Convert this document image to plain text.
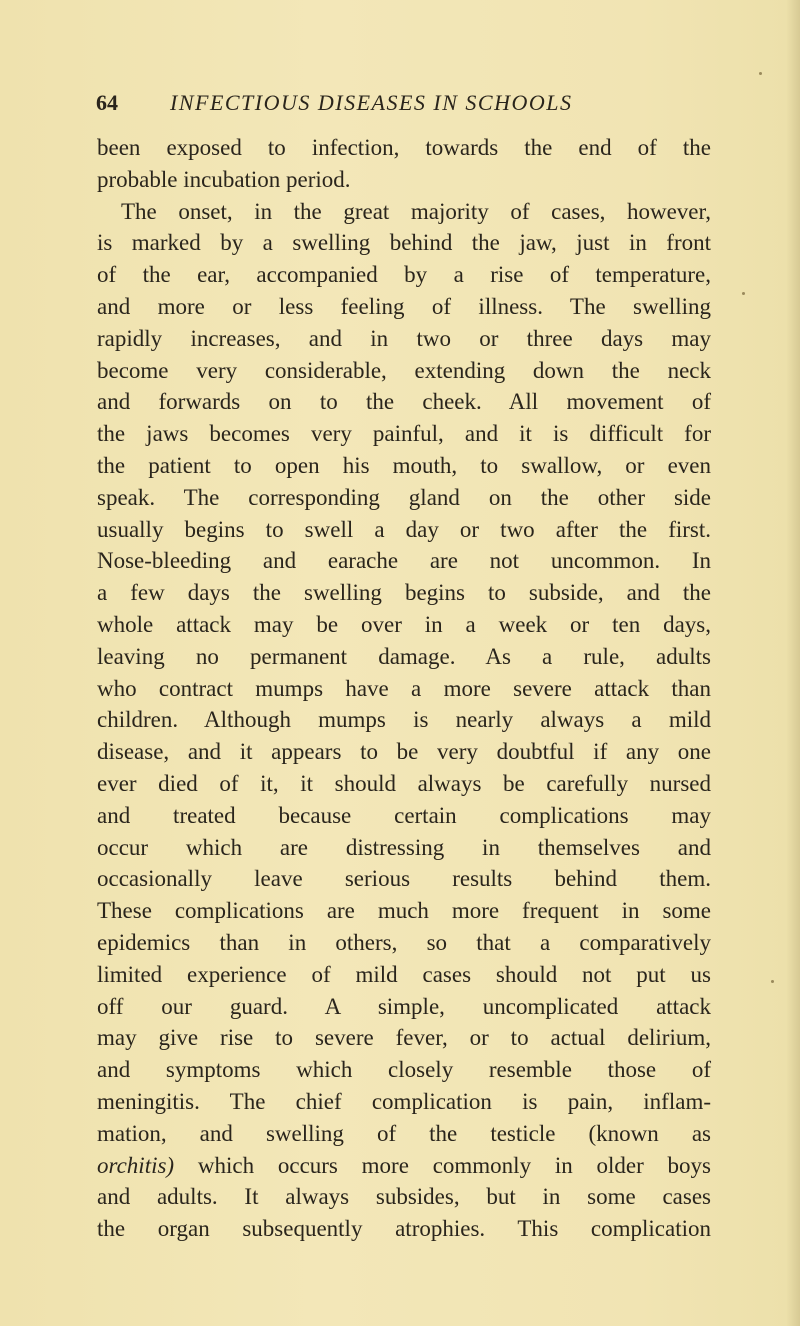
64 INFECTIOUS DISEASES IN SCHOOLS
been exposed to infection, towards the end of the
probable incubation period.
The onset, in the great majority of cases, however,
is marked by a swelling behind the jaw, just in front
of the ear, accompanied by a rise of temperature,
and more or less feeling of illness. The swelling
rapidly increases, and in two or three days may
become very considerable, extending down the neck
and forwards on to the cheek. All movement of
the jaws becomes very painful, and it is difficult for
the patient to open his mouth, to swallow, or even
speak. The corresponding gland on the other side
usually begins to swell a day or two after the first.
Nose-bleeding and earache are not uncommon. In
a few days the swelling begins to subside, and the
whole attack may be over in a week or ten days,
leaving no permanent damage. As a rule, adults
who contract mumps have a more severe attack than
children. Although mumps is nearly always a mild
disease, and it appears to be very doubtful if any one
ever died of it, it should always be carefully nursed
and treated because certain complications may
occur which are distressing in themselves and
occasionally leave serious results behind them.
These complications are much more frequent in some
epidemics than in others, so that a comparatively
limited experience of mild cases should not put us
off our guard. A simple, uncomplicated attack
may give rise to severe fever, or to actual delirium,
and symptoms which closely resemble those of
meningitis. The chief complication is pain, inflam-
mation, and swelling of the testicle (known as
orchitis) which occurs more commonly in older boys
and adults. It always subsides, but in some cases
the organ subsequently atrophies. This complication
